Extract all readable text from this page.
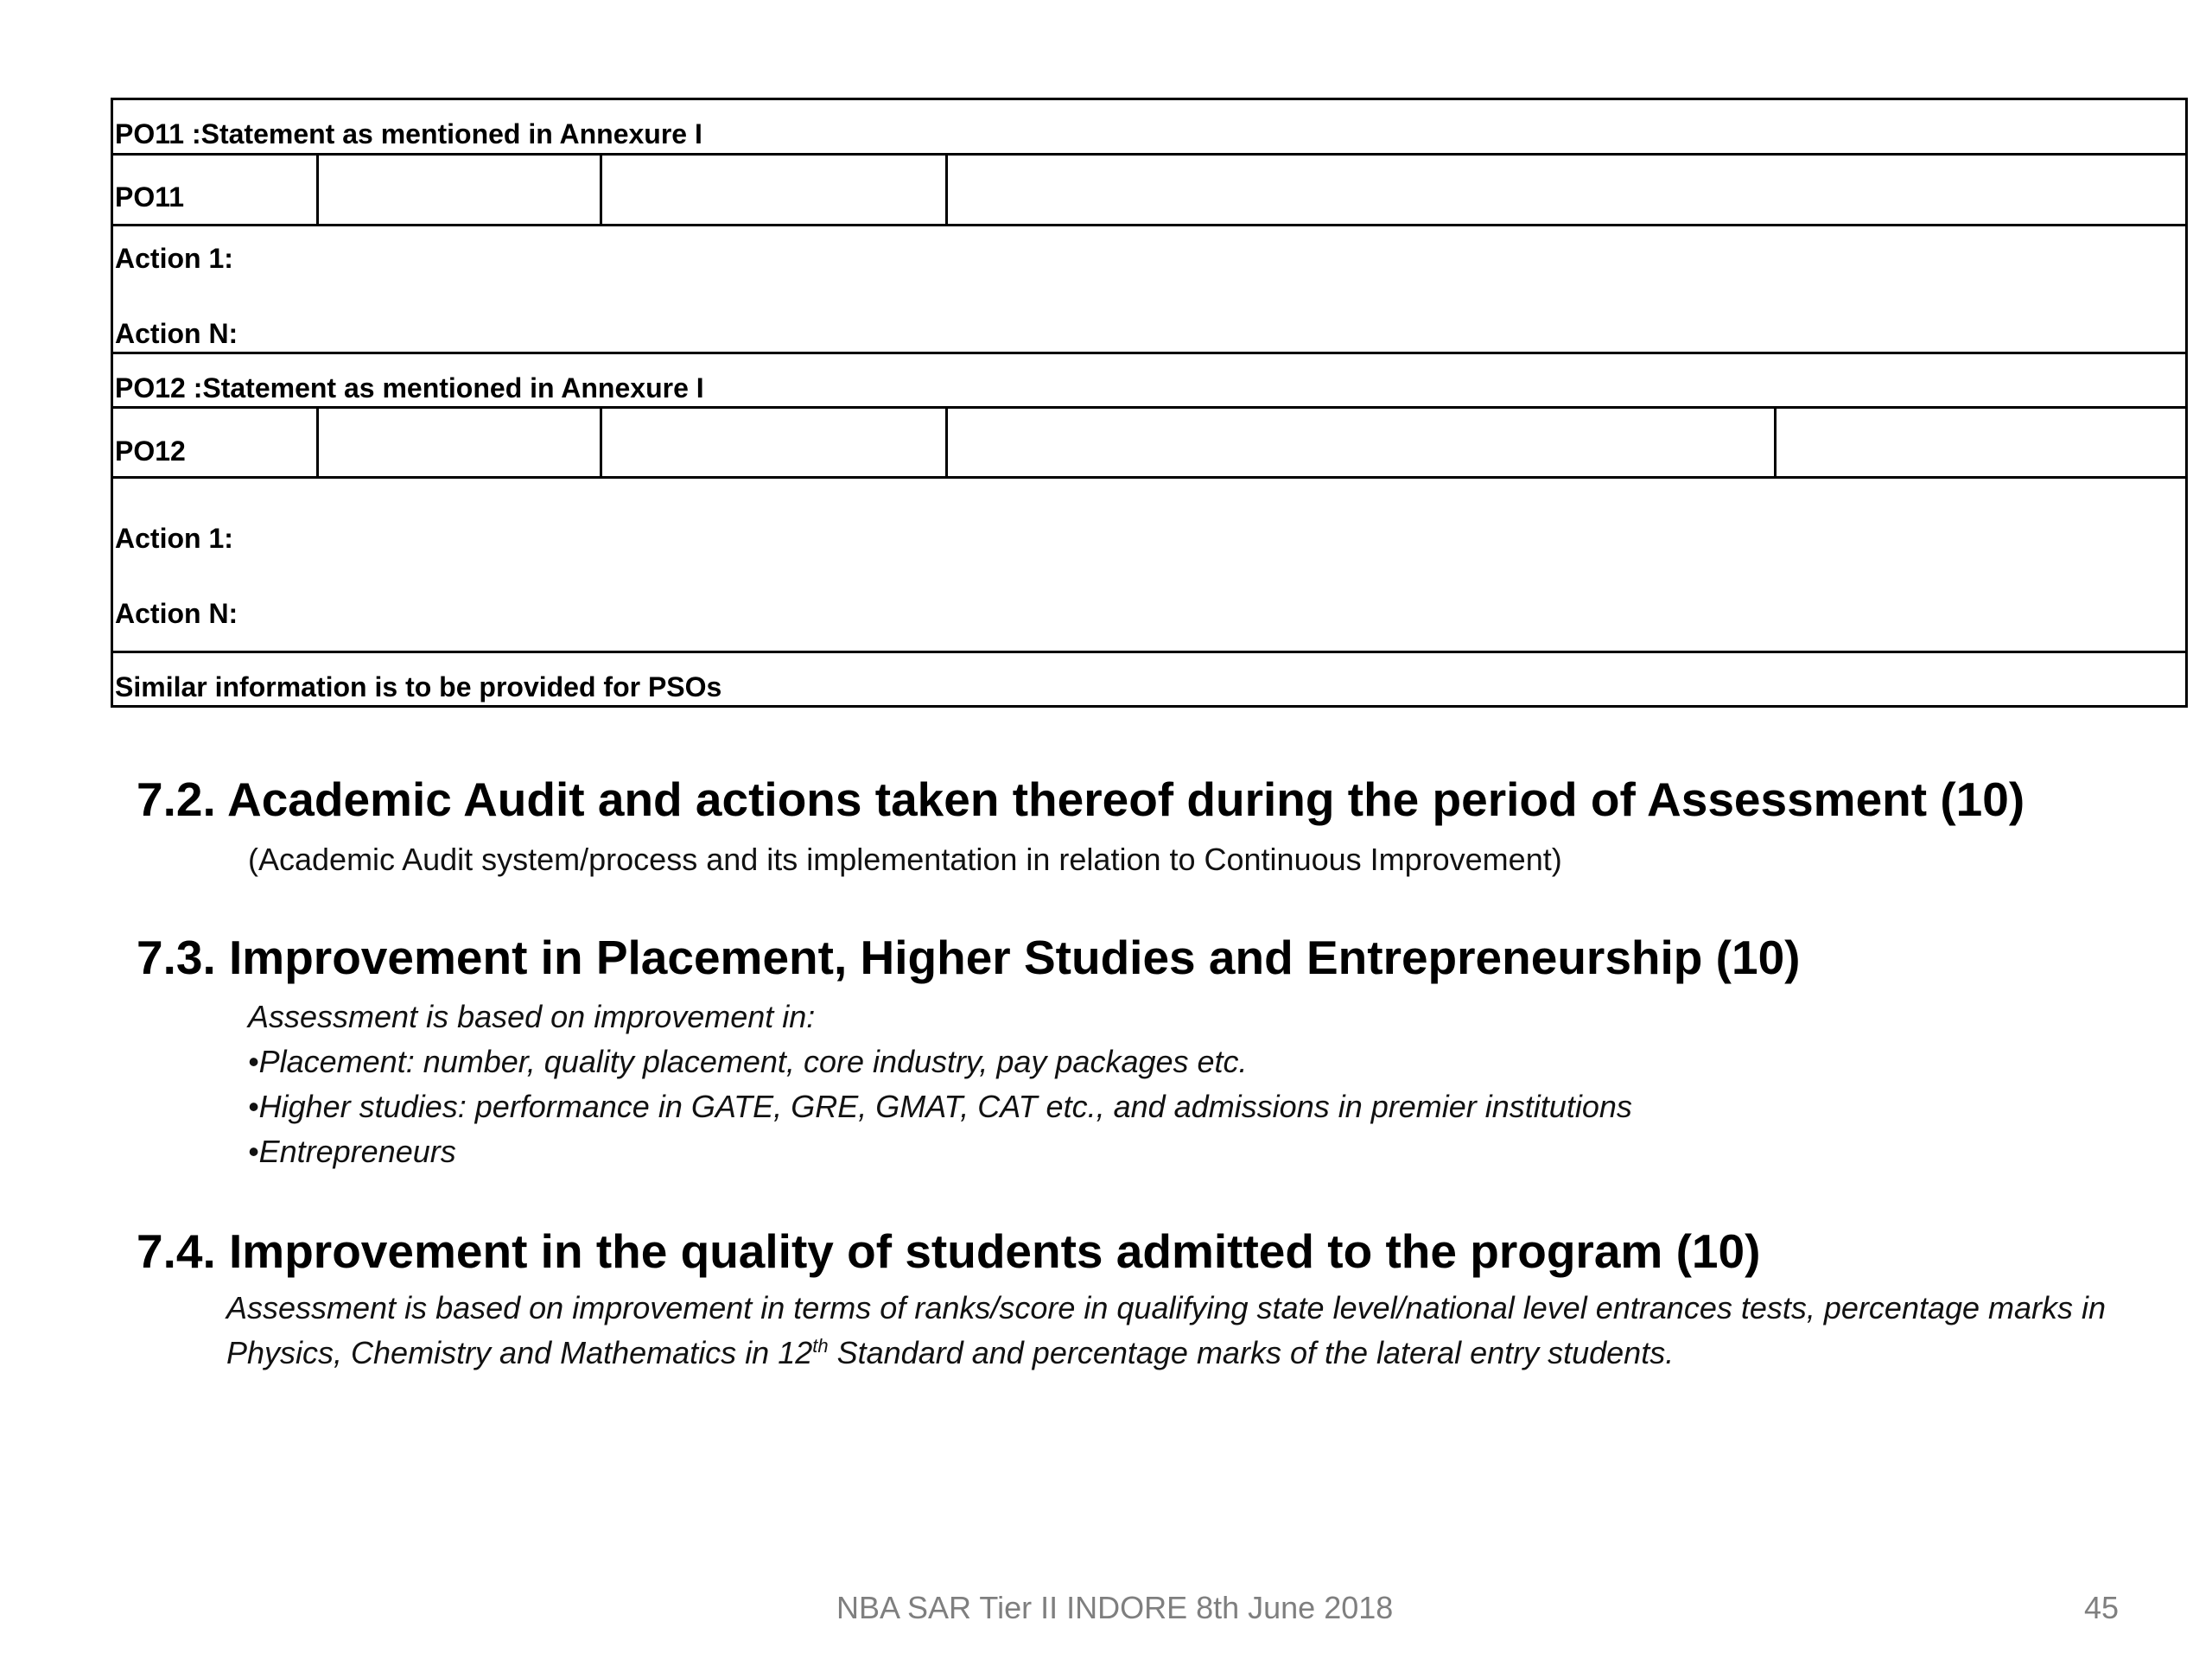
PO11 :Statement as mentioned in Annexure I
PO11
Action 1:
Action N:
PO12 :Statement as mentioned in Annexure I
PO12
Action 1:
Action N:
Similar information is to be provided for PSOs
7.2. Academic Audit and actions taken thereof during the period of Assessment (10)
(Academic Audit system/process and its implementation in relation to Continuous Improvement)
7.3. Improvement in Placement, Higher Studies and Entrepreneurship (10)
Assessment is based on improvement in:
•Placement: number, quality placement, core industry, pay packages etc.
•Higher studies: performance in GATE, GRE, GMAT, CAT etc., and admissions in premier institutions
•Entrepreneurs
7.4. Improvement in the quality of students admitted to the program (10)
Assessment is based on improvement in terms of ranks/score in qualifying state level/national level entrances tests, percentage marks in Physics, Chemistry and Mathematics in 12th Standard and percentage marks of the lateral entry students.
NBA SAR Tier II INDORE 8th June 2018	45
